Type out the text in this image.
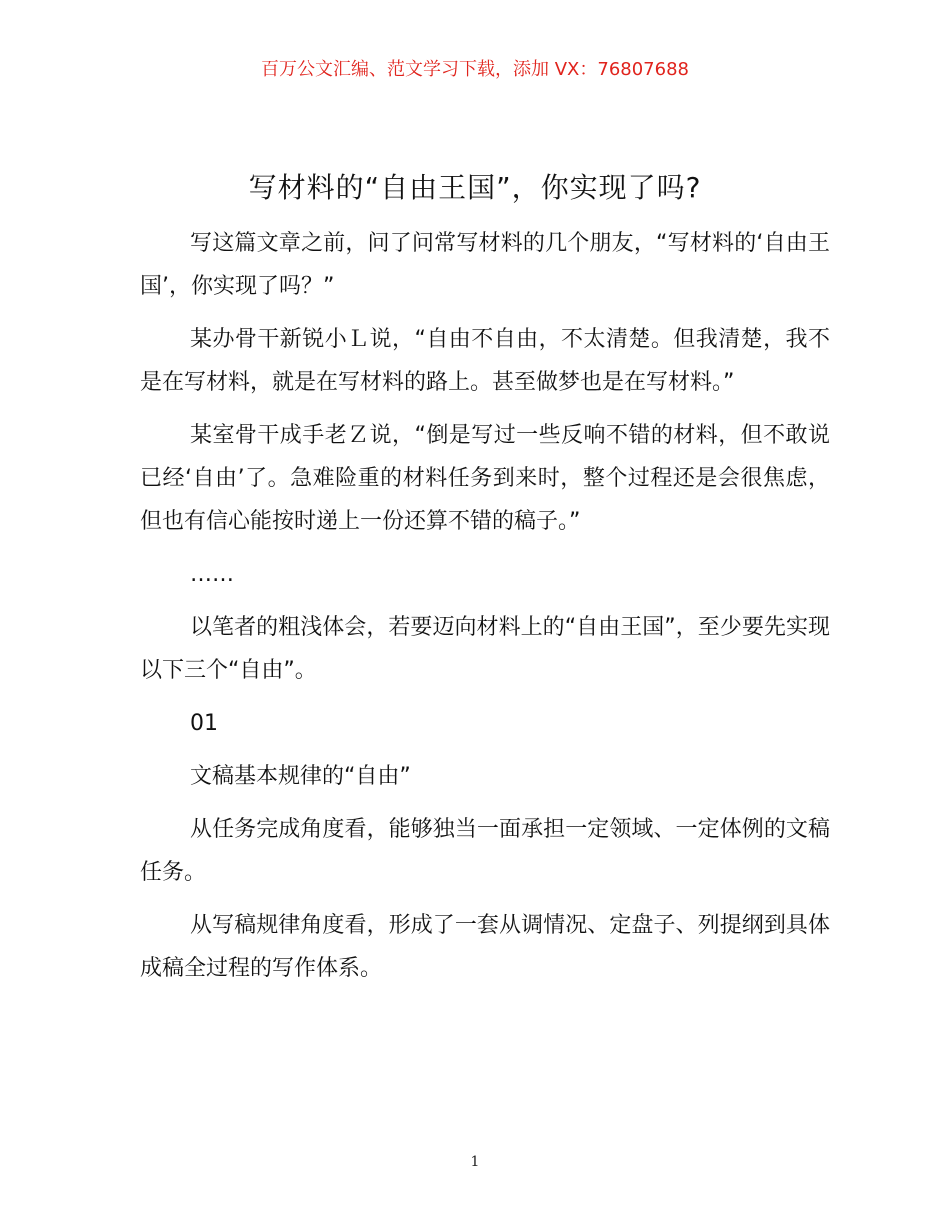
百万公文汇编、范文学习下载，添加 VX：76807688
写材料的“自由王国”，你实现了吗?

写这篇文章之前，问了问常写材料的几个朋友，“写材料的‘自由王国’，你实现了吗？”

某办骨干新锐小Ｌ说，“自由不自由，不太清楚。但我清楚，我不是在写材料，就是在写材料的路上。甚至做梦也是在写材料。”

某室骨干成手老Ｚ说，“倒是写过一些反响不错的材料，但不敢说已经‘自由’了。急难险重的材料任务到来时，整个过程还是会很焦虑，但也有信心能按时递上一份还算不错的稿子。”

……

以笔者的粗浅体会，若要迈向材料上的“自由王国”，至少要先实现以下三个“自由”。

01

文稿基本规律的“自由”

从任务完成角度看，能够独当一面承担一定领域、一定体例的文稿任务。

从写稿规律角度看，形成了一套从调情况、定盘子、列提纲到具体成稿全过程的写作体系。

1
